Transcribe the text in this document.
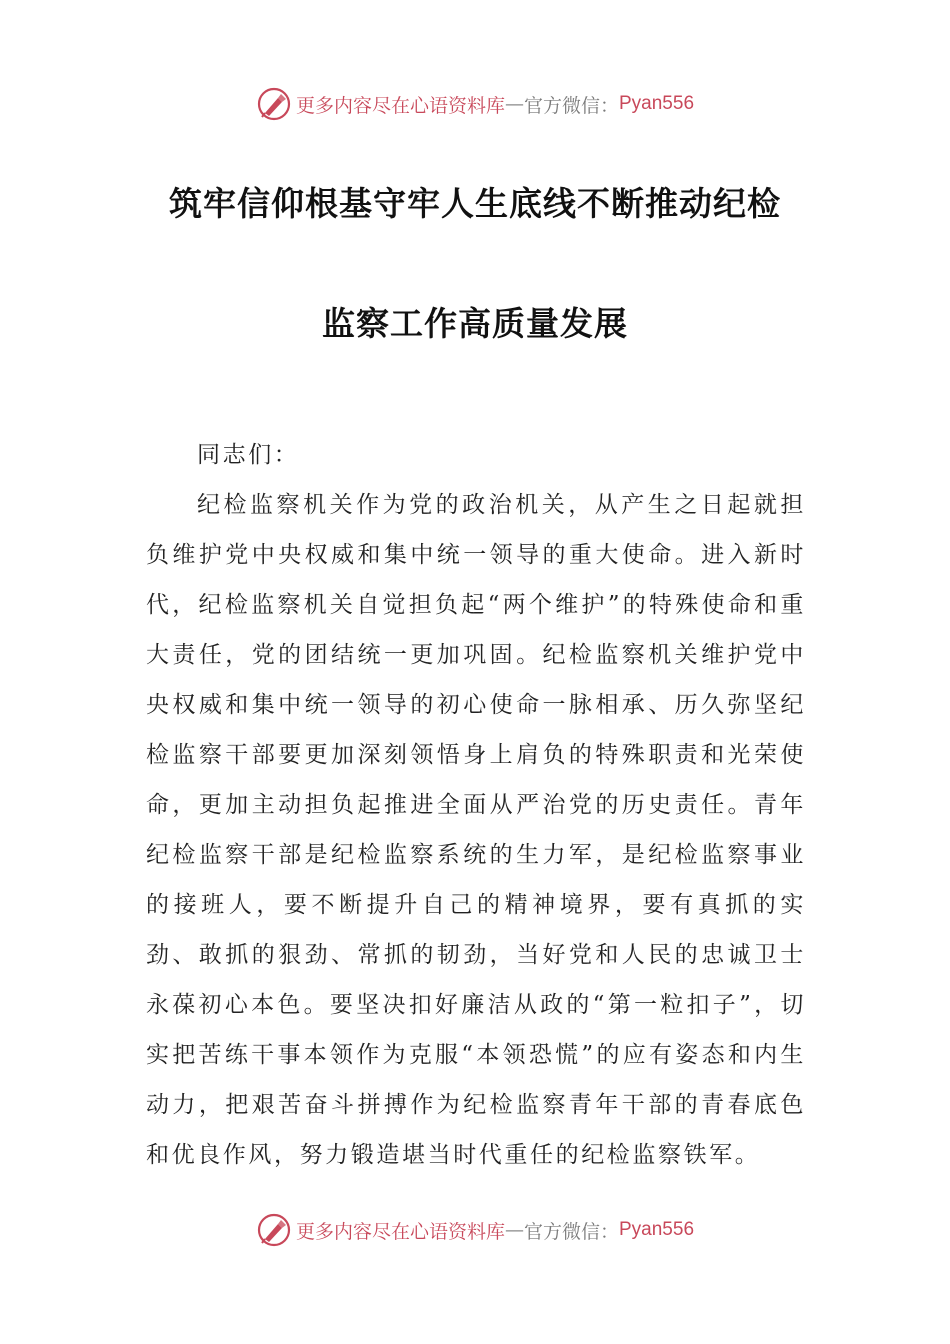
更多内容尽在心语资料库 — 官方微信： Pyan556
筑牢信仰根基守牢人生底线不断推动纪检
监察工作高质量发展
同志们：
纪检监察机关作为党的政治机关，从产生之日起就担负维护党中央权威和集中统一领导的重大使命。进入新时代，纪检监察机关自觉担负起“两个维护”的特殊使命和重大责任，党的团结统一更加巩固。纪检监察机关维护党中央权威和集中统一领导的初心使命一脉相承、历久弥坚纪检监察干部要更加深刻领悟身上肩负的特殊职责和光荣使命，更加主动担负起推进全面从严治党的历史责任。青年纪检监察干部是纪检监察系统的生力军，是纪检监察事业的接班人，要不断提升自己的精神境界，要有真抓的实劲、敢抓的狠劲、常抓的韧劲，当好党和人民的忠诚卫士永葆初心本色。要坚决扣好廉洁从政的“第一粒扣子”，切实把苦练干事本领作为克服“本领恐慌”的应有姿态和内生动力，把艰苦奋斗拼搏作为纪检监察青年干部的青春底色和优良作风，努力锻造堪当时代重任的纪检监察铁军。
更多内容尽在心语资料库 — 官方微信： Pyan556
